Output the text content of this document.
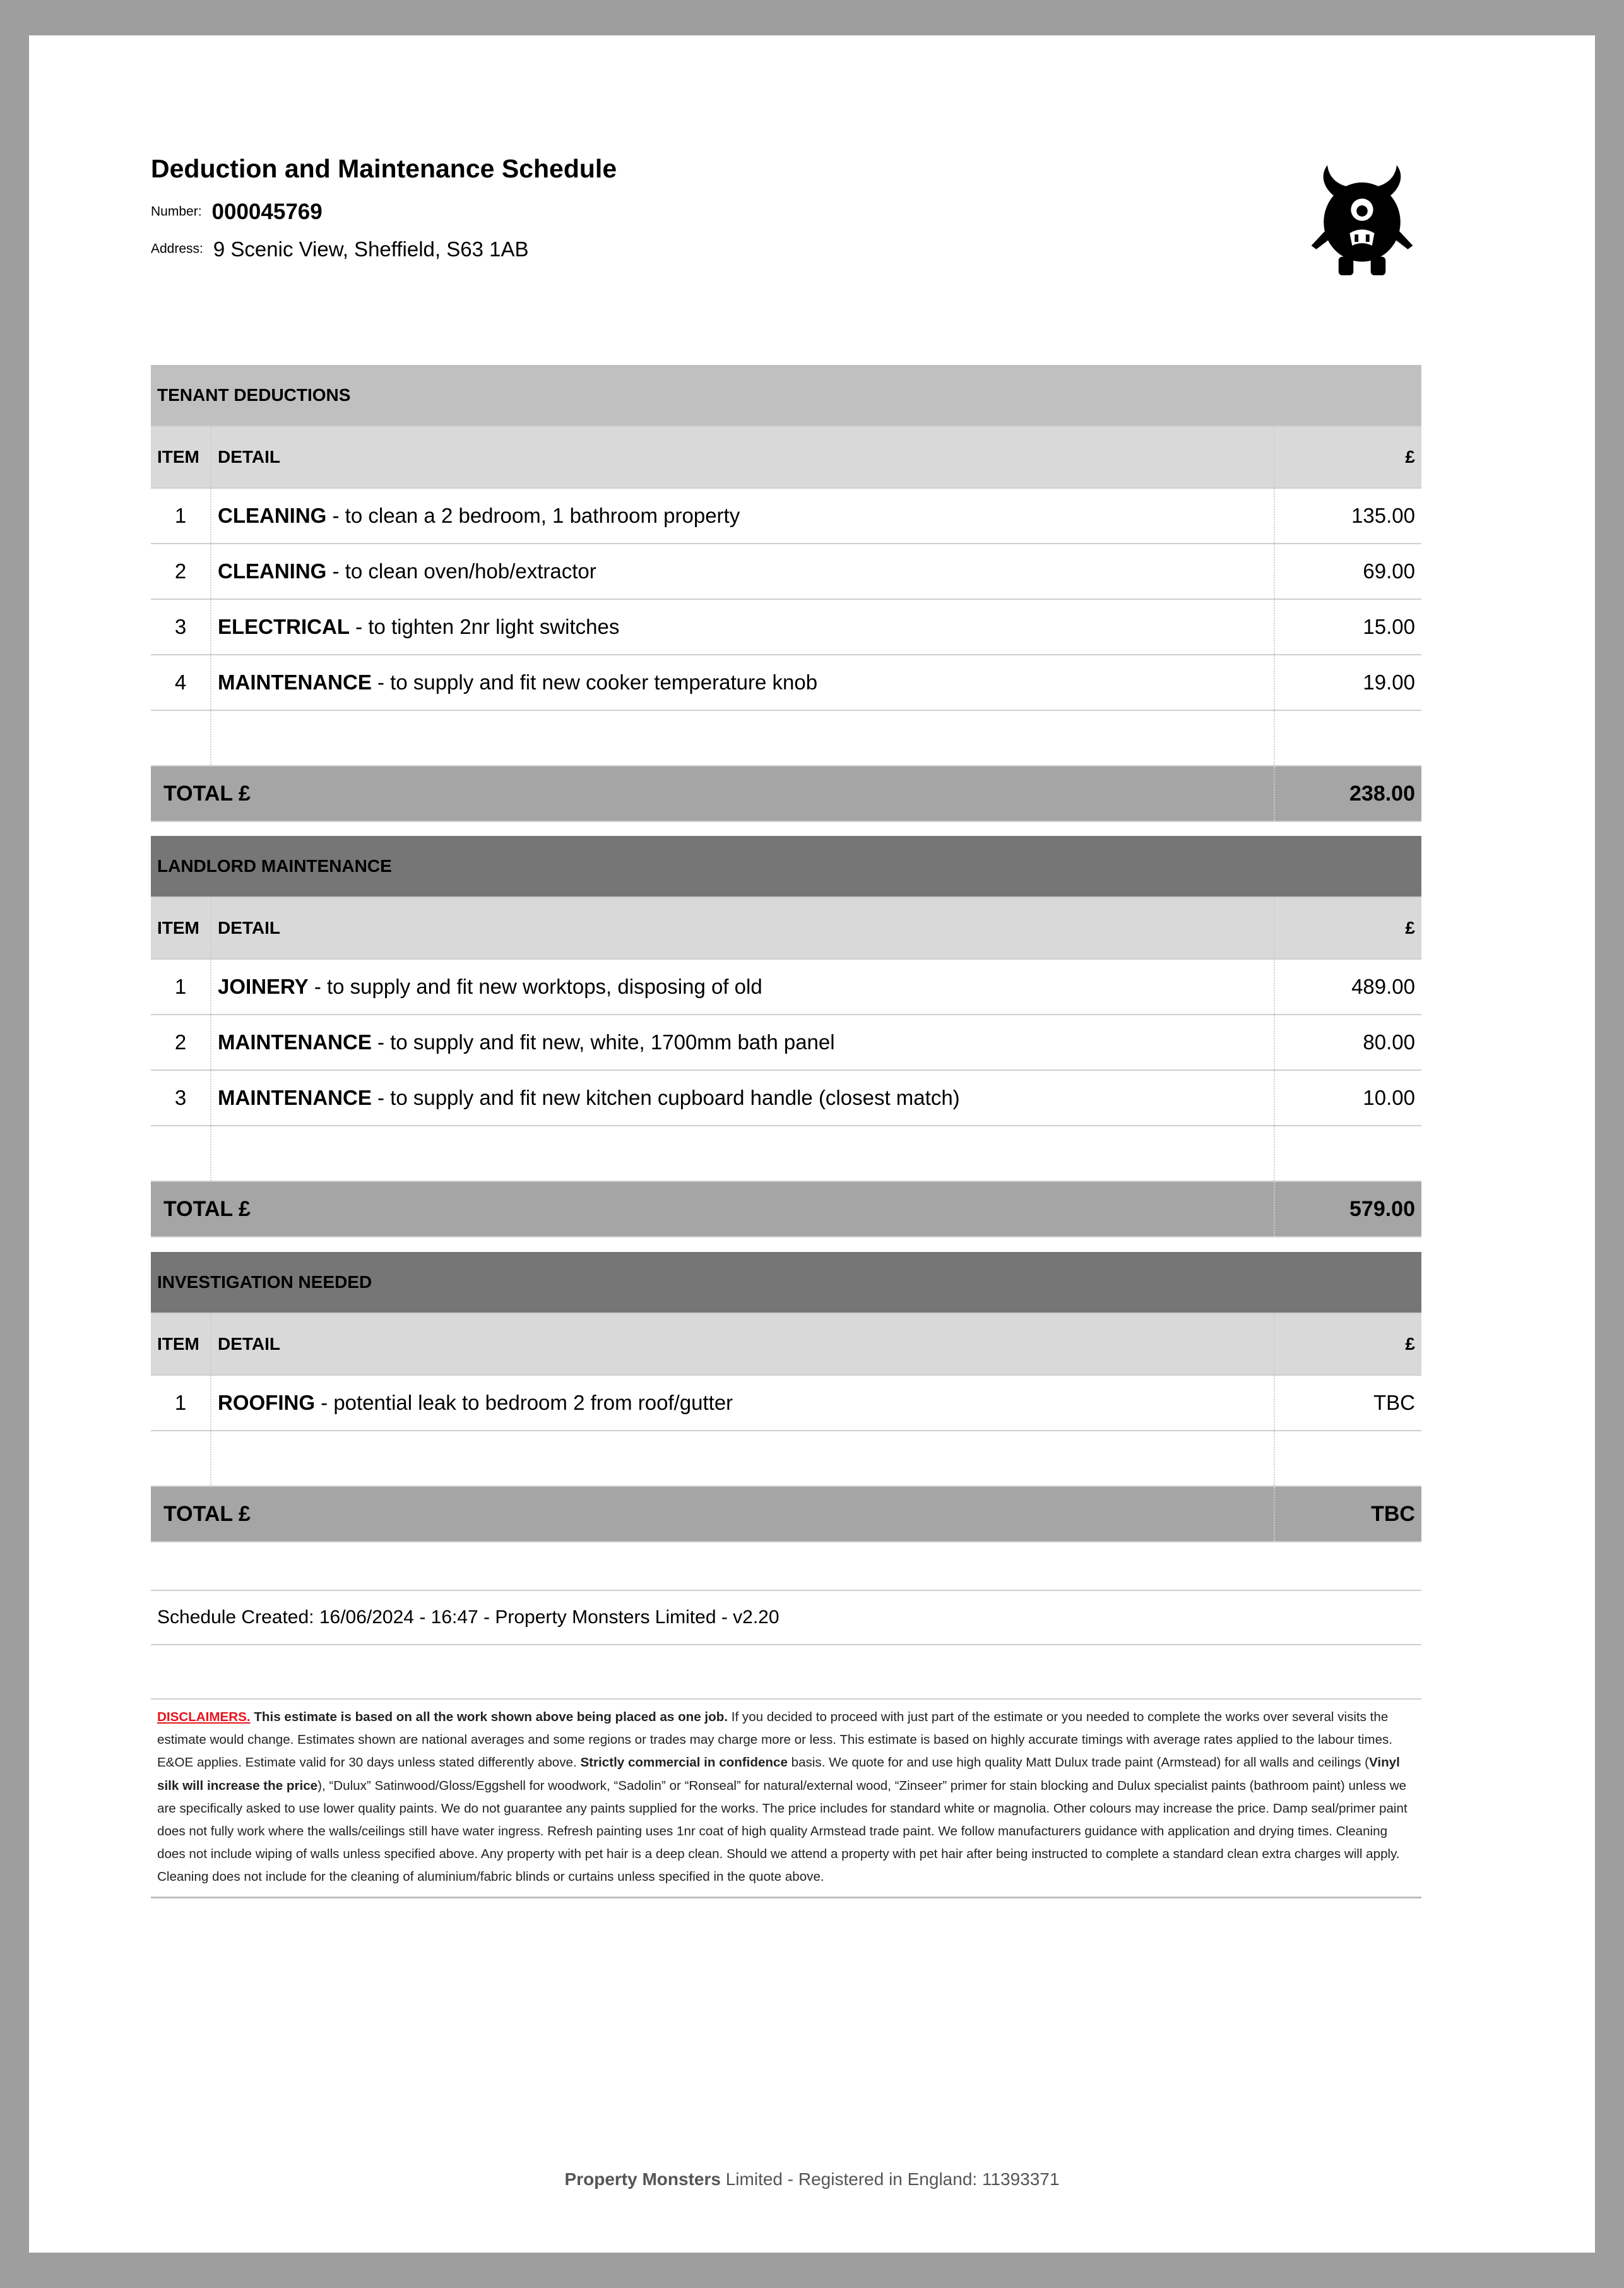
Deduction and Maintenance Schedule
Number: 000045769
Address: 9 Scenic View, Sheffield, S63 1AB
TENANT DEDUCTIONS		
ITEM	DETAIL	£
1	CLEANING - to clean a 2 bedroom, 1 bathroom property	135.00
2	CLEANING - to clean oven/hob/extractor	69.00
3	ELECTRICAL - to tighten 2nr light switches	15.00
4	MAINTENANCE - to supply and fit new cooker temperature knob	19.00

TOTAL £		238.00
LANDLORD MAINTENANCE		
ITEM	DETAIL	£
1	JOINERY - to supply and fit new worktops, disposing of old	489.00
2	MAINTENANCE - to supply and fit new, white, 1700mm bath panel	80.00
3	MAINTENANCE - to supply and fit new kitchen cupboard handle (closest match)	10.00

TOTAL £		579.00
INVESTIGATION NEEDED		
ITEM	DETAIL	£
1	ROOFING - potential leak to bedroom 2 from roof/gutter	TBC

TOTAL £		TBC

Schedule Created: 16/06/2024 - 16:47 - Property Monsters Limited - v2.20

DISCLAIMERS. This estimate is based on all the work shown above being placed as one job. If you decided to proceed with just part of the estimate or you needed to complete the works over several visits the estimate would change. Estimates shown are national averages and some regions or trades may charge more or less. This estimate is based on highly accurate timings with average rates applied to the labour times. E&OE applies. Estimate valid for 30 days unless stated differently above. Strictly commercial in confidence basis. We quote for and use high quality Matt Dulux trade paint (Armstead) for all walls and ceilings (Vinyl silk will increase the price), “Dulux” Satinwood/Gloss/Eggshell for woodwork, “Sadolin” or “Ronseal” for natural/external wood, “Zinseer” primer for stain blocking and Dulux specialist paints (bathroom paint) unless we are specifically asked to use lower quality paints. We do not guarantee any paints supplied for the works. The price includes for standard white or magnolia. Other colours may increase the price. Damp seal/primer paint does not fully work where the walls/ceilings still have water ingress. Refresh painting uses 1nr coat of high quality Armstead trade paint. We follow manufacturers guidance with application and drying times. Cleaning does not include wiping of walls unless specified above. Any property with pet hair is a deep clean. Should we attend a property with pet hair after being instructed to complete a standard clean extra charges will apply. Cleaning does not include for the cleaning of aluminium/fabric blinds or curtains unless specified in the quote above.
Property Monsters Limited - Registered in England: 11393371
